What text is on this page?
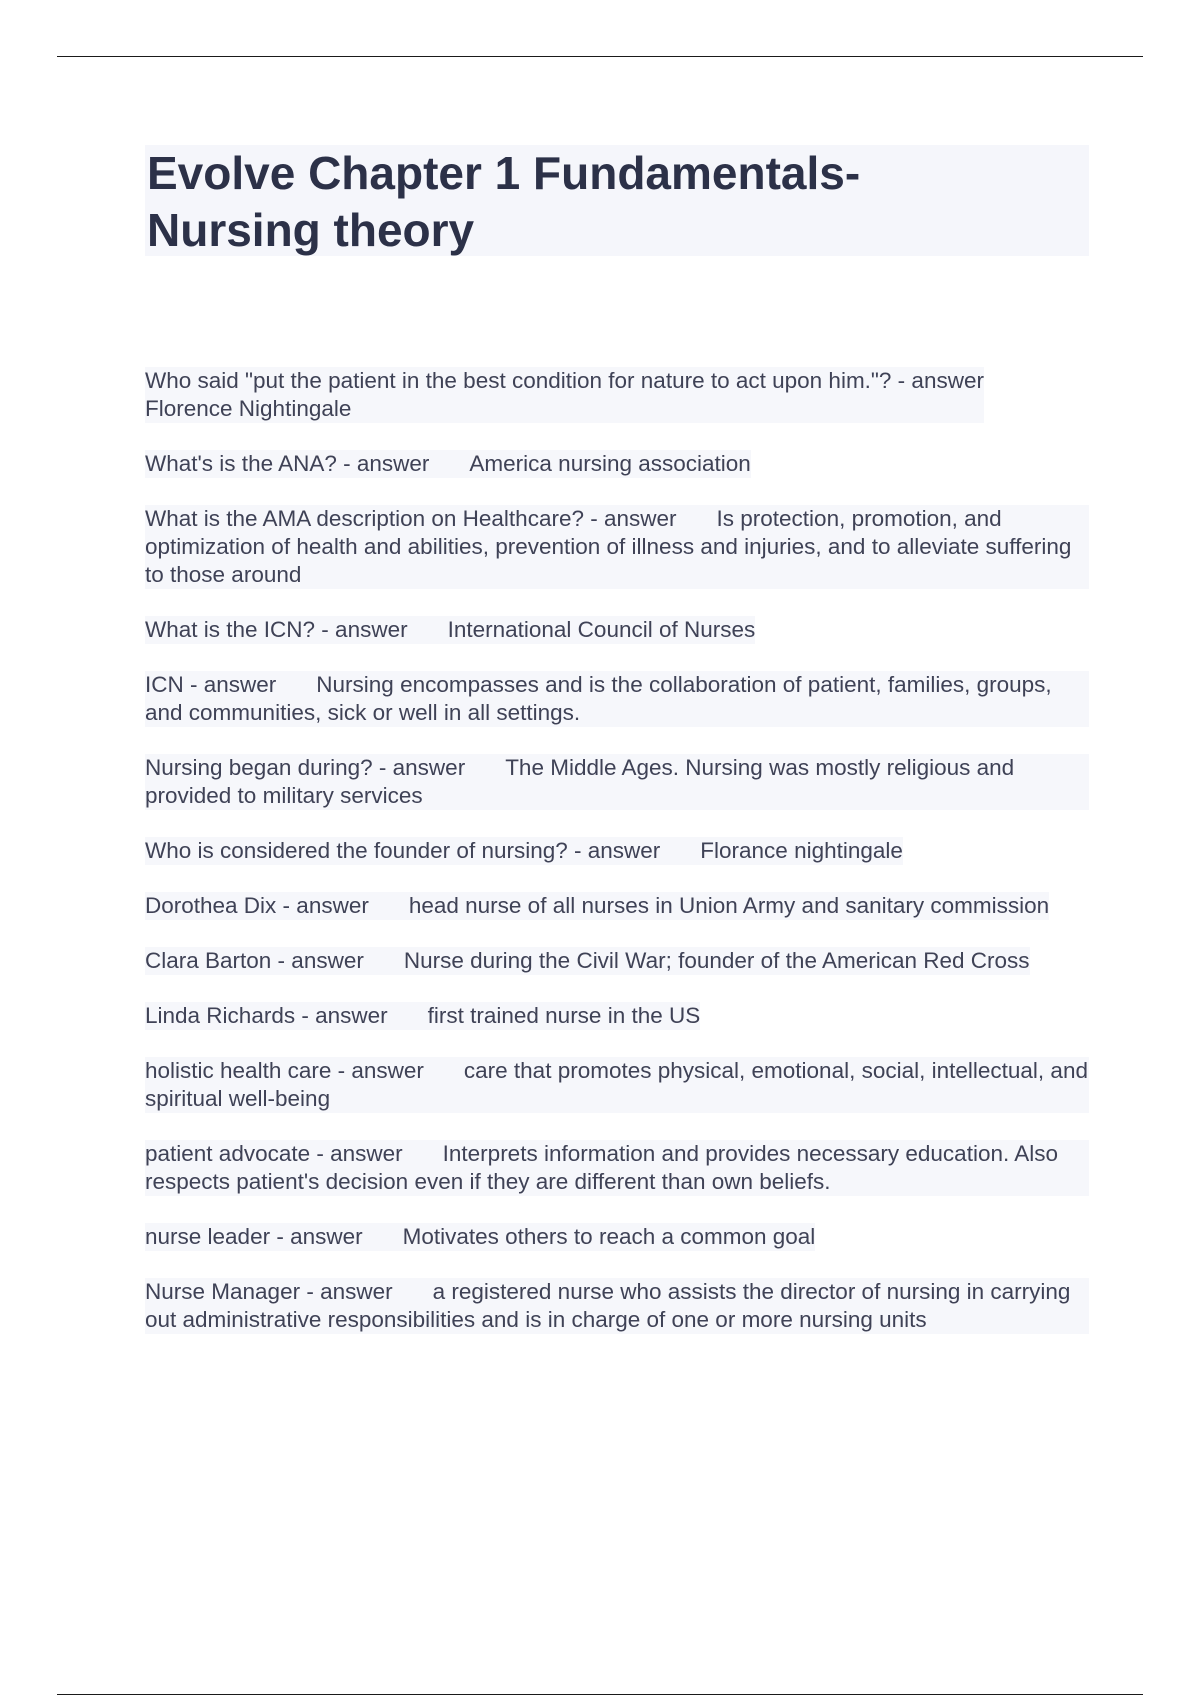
Evolve Chapter 1 Fundamentals-
Nursing theory
Who said "put the patient in the best condition for nature to act upon him."? - answer
Florence Nightingale
What's is the ANA? - answer America nursing association
What is the AMA description on Healthcare? - answer Is protection, promotion, and optimization of health and abilities, prevention of illness and injuries, and to alleviate suffering to those around
What is the ICN? - answer International Council of Nurses
ICN - answer Nursing encompasses and is the collaboration of patient, families, groups, and communities, sick or well in all settings.
Nursing began during? - answer The Middle Ages. Nursing was mostly religious and provided to military services
Who is considered the founder of nursing? - answer Florance nightingale
Dorothea Dix - answer head nurse of all nurses in Union Army and sanitary commission
Clara Barton - answer Nurse during the Civil War; founder of the American Red Cross
Linda Richards - answer first trained nurse in the US
holistic health care - answer care that promotes physical, emotional, social, intellectual, and spiritual well-being
patient advocate - answer Interprets information and provides necessary education. Also respects patient's decision even if they are different than own beliefs.
nurse leader - answer Motivates others to reach a common goal
Nurse Manager - answer a registered nurse who assists the director of nursing in carrying out administrative responsibilities and is in charge of one or more nursing units
